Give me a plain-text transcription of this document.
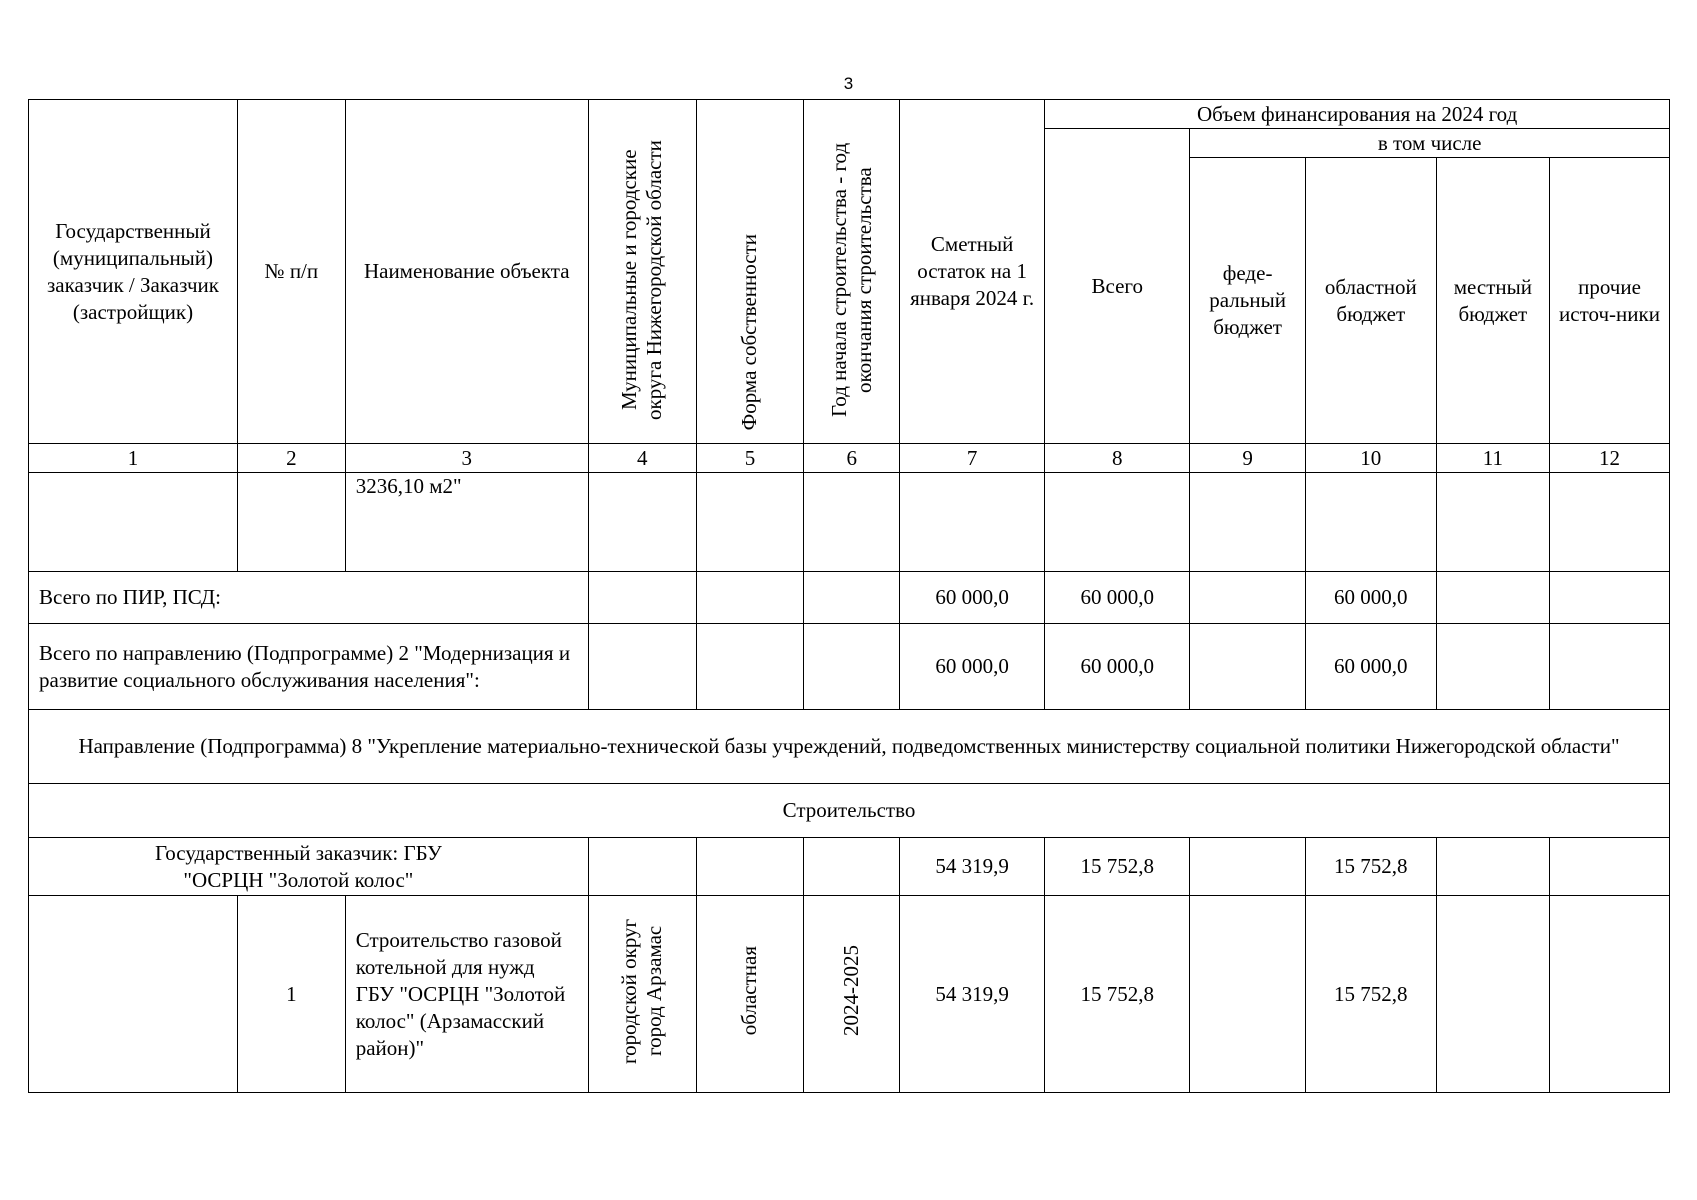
3
Государственный (муниципальный) заказчик / Заказчик (застройщик)	№ п/п	Наименование объекта	Муниципальные и городские округа Нижегородской области	Форма собственности	Год начала строительства - год окончания строительства	Сметный остаток на 1 января 2024 г.	Объем финансирования на 2024 год				
							Всего	в том числе			
								феде-ральный бюджет	областной бюджет	местный бюджет	прочие источ-ники
1	2	3	4	5	6	7	8	9	10	11	12
		3236,10 м2"									
Всего по ПИР, ПСД:						60 000,0	60 000,0		60 000,0		
Всего по направлению (Подпрограмме) 2 "Модернизация и развитие социального обслуживания населения":						60 000,0	60 000,0		60 000,0		
Направление (Подпрограмма) 8 "Укрепление материально-технической базы учреждений, подведомственных министерству социальной политики Нижегородской области"											
Строительство											
Государственный заказчик: ГБУ "ОСРЦН "Золотой колос"						54 319,9	15 752,8		15 752,8		
	1	Строительство газовой котельной для нужд ГБУ "ОСРЦН "Золотой колос" (Арзамасский район)"	городской округ город Арзамас	областная	2024-2025	54 319,9	15 752,8		15 752,8		
